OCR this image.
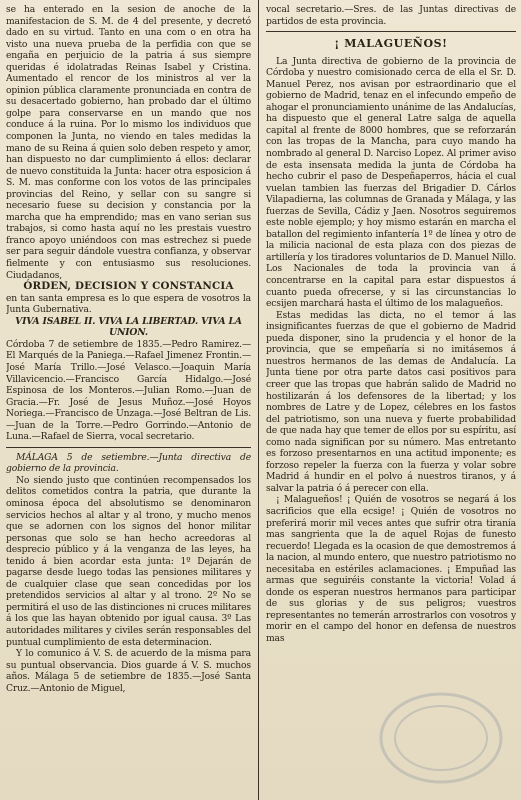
se ha enterado en la sesion de anoche de la manifestacion de S. M. de 4 del presente, y decretó dado en su virtud. Tanto en una com o en otra ha visto una nueva prueba de la perfidia con que se engaña en perjuicio de la patria á sus siempre queridas é idolatradas Reinas Isabel y Cristina. Aumentado el rencor de los ministros al ver la opinion pública claramente pronunciada en contra de su desacertado gobierno, han probado dar el último golpe para conservarse en un mando que nos conduce á la ruina. Por lo mismo los individuos que componen la Junta, no viendo en tales medidas la mano de su Reina á quien solo deben respeto y amor, han dispuesto no dar cumplimiento á ellos: declarar de nuevo constituida la Junta: hacer otra esposicion á S. M. mas conforme con los votos de las principales provincias del Reino, y sellar con su sangre si necesario fuese su decision y constancia por la marcha que ha emprendido; mas en vano serian sus trabajos, si como hasta aquí no les prestais vuestro franco apoyo uniéndoos con mas estrechez si puede ser para seguir dándole vuestra confianza, y observar fielmente y con entusiasmo sus resoluciones. Ciudadanos,

ÓRDEN, DECISION Y CONSTANCIA

en tan santa empresa es lo que espera de vosotros la Junta Gubernativa.

VIVA ISABEL II. VIVA LA LIBERTAD. VIVA LA UNION.

Córdoba 7 de setiembre de 1835.—Pedro Ramirez.—El Marqués de la Paniega.—Rafael Jimenez Frontin.—José María Trillo.—José Velasco.—Joaquin María Villavicencio.—Francisco García Hidalgo.—José Espinosa de los Monteros.—Julian Romo.—Juan de Gracia.—Fr. José de Jesus Muñoz.—José Hoyos Noriega.—Francisco de Unzaga.—José Beltran de Lis.—Juan de la Torre.—Pedro Gorrindo.—Antonio de Luna.—Rafael de Sierra, vocal secretario.

MÁLAGA 5 de setiembre.—Junta directiva de gobierno de la provincia.

No siendo justo que continúen recompensados los delitos cometidos contra la patria, que durante la ominosa época del absolutismo se denominaron servicios hechos al altar y al trono, y mucho menos que se adornen con los signos del honor militar personas que solo se han hecho acreedoras al desprecio público y á la venganza de las leyes, ha tenido á bien acordar esta junta: 1º Dejarán de pagarse desde luego todas las pensiones militares y de cualquier clase que sean concedidas por los pretendidos servicios al altar y al trono. 2º No se permitirá el uso de las distinciones ni cruces militares á los que las hayan obtenido por igual causa. 3º Las autoridades militares y civiles serán responsables del puntual cumplimiento de esta determinacion.

Y lo comunico á V. S. de acuerdo de la misma para su puntual observancia. Dios guarde á V. S. muchos años. Málaga 5 de setiembre de 1835.—José Santa Cruz.—Antonio de Miguel,

vocal secretario.—Sres. de las Juntas directivas de partidos de esta provincia.

¡ MALAGUEÑOS!

La Junta directiva de gobierno de la provincia de Córdoba y nuestro comisionado cerca de ella el Sr. D. Manuel Perez, nos avisan por estraordinario que el gobierno de Madrid, tenaz en el infecundo empeño de ahogar el pronunciamiento unánime de las Andalucías, ha dispuesto que el general Latre salga de aquella capital al frente de 8000 hombres, que se reforzarán con las tropas de la Mancha, para cuyo mando ha nombrado al general D. Narciso Lopez. Al primer aviso de esta insensata medida la junta de Córdoba ha hecho cubrir el paso de Despeñaperros, hácia el cual vuelan tambien las fuerzas del Brigadier D. Cárlos Vilapadierna, las columnas de Granada y Málaga, y las fuerzas de Sevilla, Cádiz y Jaen. Nosotros seguiremos este noble ejemplo; y hoy mismo estarán en marcha el batallon del regimiento infantería 1º de línea y otro de la milicia nacional de esta plaza con dos piezas de artillería y los tiradores voluntarios de D. Manuel Nillo. Los Nacionales de toda la provincia van á concentrarse en la capital para estar dispuestos á cuanto pueda ofrecerse, y si las circunstancias lo ecsijen marchará hasta el último de los malagueños.

Estas medidas las dicta, no el temor á las insignificantes fuerzas de que el gobierno de Madrid pueda disponer, sino la prudencia y el honor de la provincia, que se empeñaría si no imitásemos á nuestros hermanos de las demas de Andalucía. La Junta tiene por otra parte datos casi positivos para creer que las tropas que habrán salido de Madrid no hostilizarán á los defensores de la libertad; y los nombres de Latre y de Lopez, célebres en los fastos del patriotismo, son una nueva y fuerte probabilidad de que nada hay que temer de ellos por su espíritu, así como nada significan por su número. Mas entretanto es forzoso presentarnos en una actitud imponente; es forzoso repeler la fuerza con la fuerza y volar sobre Madrid á hundir en el polvo á nuestros tiranos, y á salvar la patria ó á perecer con ella.

¡ Malagueños! ¡ Quién de vosotros se negará á los sacrificios que ella ecsige! ¡ Quién de vosotros no preferirá morir mil veces antes que sufrir otra tiranía mas sangrienta que la de aquel Rojas de funesto recuerdo! Llegada es la ocasion de que demostremos á la nacion, al mundo entero, que nuestro patriotismo no necesitaba en estériles aclamaciones. ¡ Empuñad las armas que seguiréis constante la victoria! Volad á donde os esperan nuestros hermanos para participar de sus glorias y de sus peligros; vuestros representantes no temerán arrostrarlos con vosotros y morir en el campo del honor en defensa de nuestros mas
